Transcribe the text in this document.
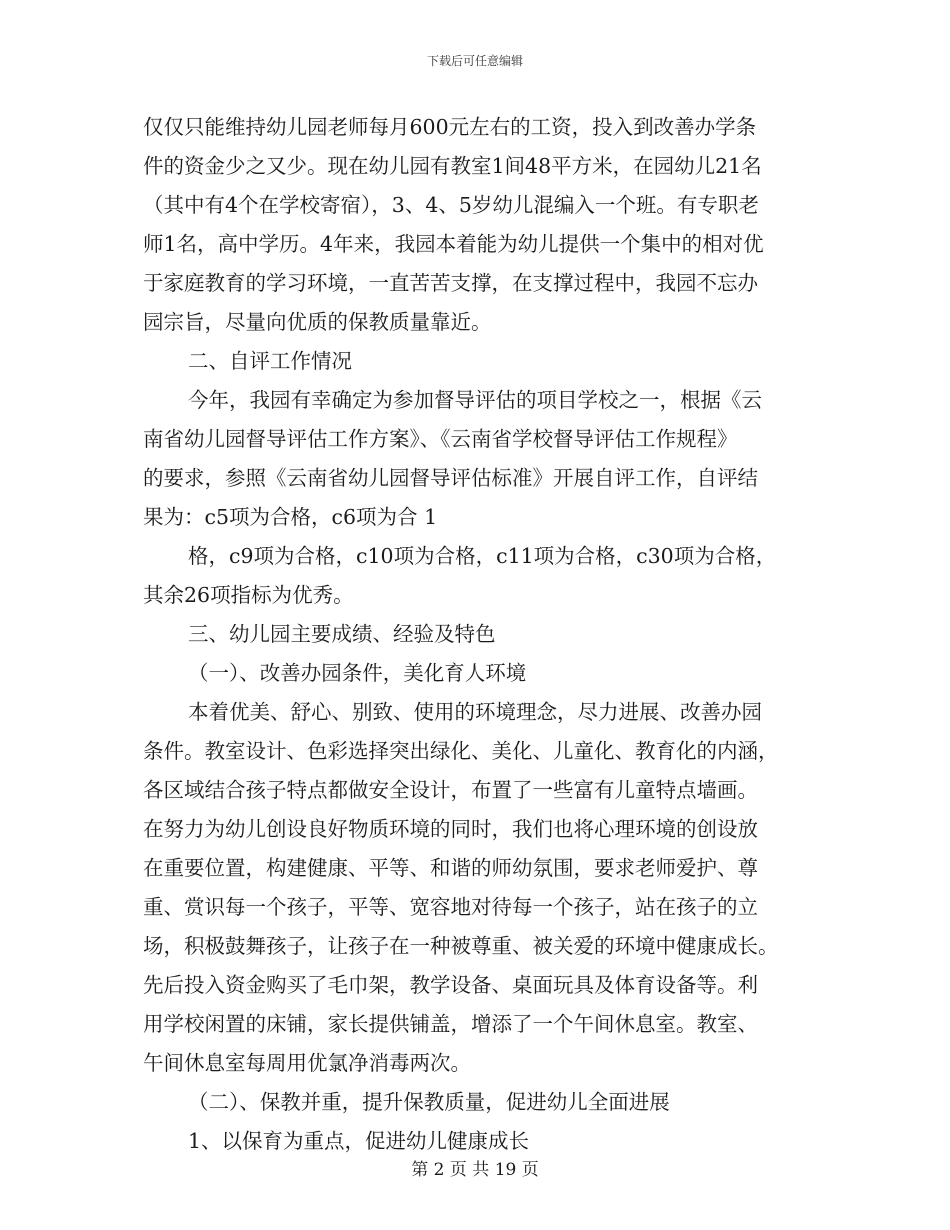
下载后可任意编辑
仅仅只能维持幼儿园老师每月600元左右的工资，投入到改善办学条
件的资金少之又少。现在幼儿园有教室1间48平方米，在园幼儿21名
（其中有4个在学校寄宿），3、4、5岁幼儿混编入一个班。有专职老
师1名，高中学历。4年来，我园本着能为幼儿提供一个集中的相对优
于家庭教育的学习环境，一直苦苦支撑，在支撑过程中，我园不忘办
园宗旨，尽量向优质的保教质量靠近。
二、自评工作情况
今年，我园有幸确定为参加督导评估的项目学校之一，根据《云
南省幼儿园督导评估工作方案》、《云南省学校督导评估工作规程》
的要求，参照《云南省幼儿园督导评估标准》开展自评工作，自评结
果为：c5项为合格，c6项为合 1
格，c9项为合格，c10项为合格，c11项为合格，c30项为合格，
其余26项指标为优秀。
三、幼儿园主要成绩、经验及特色
（一）、改善办园条件，美化育人环境
本着优美、舒心、别致、使用的环境理念，尽力进展、改善办园
条件。教室设计、色彩选择突出绿化、美化、儿童化、教育化的内涵，
各区域结合孩子特点都做安全设计，布置了一些富有儿童特点墙画。
在努力为幼儿创设良好物质环境的同时，我们也将心理环境的创设放
在重要位置，构建健康、平等、和谐的师幼氛围，要求老师爱护、尊
重、赏识每一个孩子，平等、宽容地对待每一个孩子，站在孩子的立
场，积极鼓舞孩子，让孩子在一种被尊重、被关爱的环境中健康成长。
先后投入资金购买了毛巾架，教学设备、桌面玩具及体育设备等。利
用学校闲置的床铺，家长提供铺盖，增添了一个午间休息室。教室、
午间休息室每周用优氯净消毒两次。
（二）、保教并重，提升保教质量，促进幼儿全面进展
1、以保育为重点，促进幼儿健康成长
第 2 页 共 19 页
